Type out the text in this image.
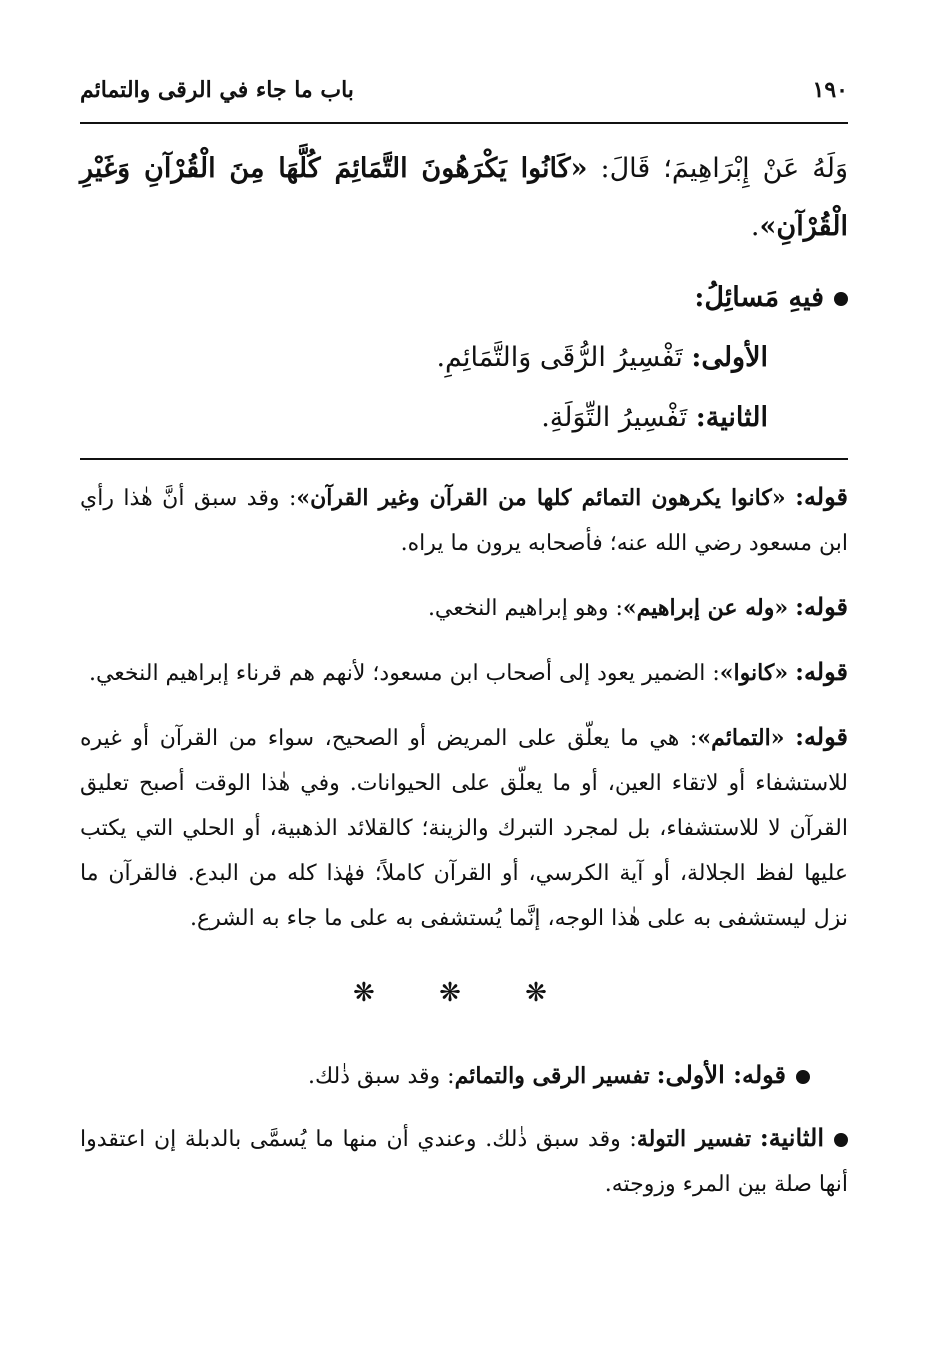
١٩٠
باب ما جاء في الرقى والتمائم

وَلَهُ عَنْ إِبْرَاهِيمَ؛ قَالَ: «كَانُوا يَكْرَهُونَ التَّمَائِمَ كُلَّهَا مِنَ الْقُرْآنِ وَغَيْرِ الْقُرْآنِ».

فيهِ مَسائِلُ:
الأولى: تَفْسِيرُ الرُّقَى وَالتَّمَائِمِ.
الثانية: تَفْسِيرُ التِّوَلَةِ.

قوله: «كانوا يكرهون التمائم كلها من القرآن وغير القرآن»: وقد سبق أنَّ هٰذا رأي ابن مسعود رضي الله عنه؛ فأصحابه يرون ما يراه.

قوله: «وله عن إبراهيم»: وهو إبراهيم النخعي.

قوله: «كانوا»: الضمير يعود إلى أصحاب ابن مسعود؛ لأنهم هم قرناء إبراهيم النخعي.

قوله: «التمائم»: هي ما يعلّق على المريض أو الصحيح، سواء من القرآن أو غيره للاستشفاء أو لاتقاء العين، أو ما يعلّق على الحيوانات. وفي هٰذا الوقت أصبح تعليق القرآن لا للاستشفاء، بل لمجرد التبرك والزينة؛ كالقلائد الذهبية، أو الحلي التي يكتب عليها لفظ الجلالة، أو آية الكرسي، أو القرآن كاملاً؛ فهٰذا كله من البدع. فالقرآن ما نزل ليستشفى به على هٰذا الوجه، إنَّما يُستشفى به على ما جاء به الشرع.

❋ ❋ ❋

قوله: الأولى: تفسير الرقى والتمائم: وقد سبق ذٰلك.

الثانية: تفسير التولة: وقد سبق ذٰلك. وعندي أن منها ما يُسمَّى بالدبلة إن اعتقدوا أنها صلة بين المرء وزوجته.
